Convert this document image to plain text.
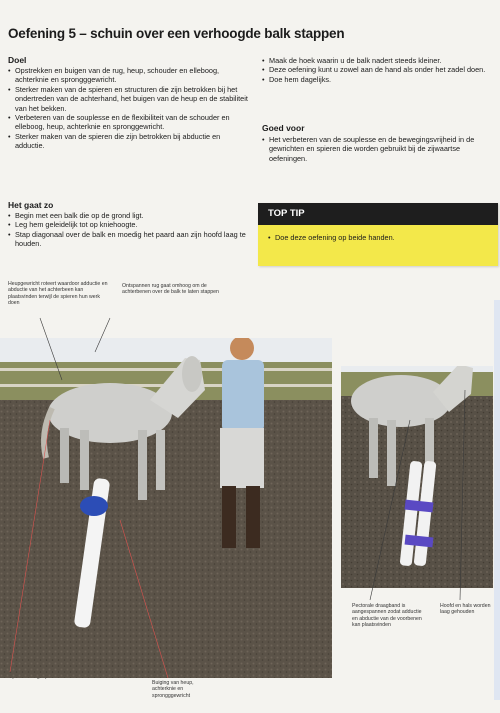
Oefening 5 – schuin over een verhoogde balk stappen
Doel
• Opstrekken en buigen van de rug, heup, schouder en elleboog, achterknie en sprongggewricht.
• Sterker maken van de spieren en structuren die zijn betrokken bij het ondertreden van de achterhand, het buigen van de heup en de stabiliteit van het bekken.
• Verbeteren van de souplesse en de flexibiliteit van de schouder en elleboog, heup, achterknie en spronggewricht.
• Sterker maken van de spieren die zijn betrokken bij abductie en adductie.
Het gaat zo
• Begin met een balk die op de grond ligt.
• Leg hem geleidelijk tot op kniehoogte.
• Stap diagonaal over de balk en moedig het paard aan zijn hoofd laag te houden.
• Maak de hoek waarin u de balk nadert steeds kleiner.
• Deze oefening kunt u zowel aan de hand als onder het zadel doen.
• Doe hem dagelijks.
Goed voor
• Het verbeteren van de souplesse en de bewegingsvrijheid in de gewrichten en spieren die worden gebruikt bij de zijwaartse oefeningen.
TOP TIP
• Doe deze oefening op beide handen.
Heupgewricht roteert waardoor adductie en abductie van het achterbeen kan plaatsvinden terwijl de spieren hun werk doen
Ontspannen rug gaat omhoog om de achterbenen over de balk te laten stappen
Pectorale draagband is aangespannen zodat adductie en abductie van de voorbenen kan plaatsvinden
Hoofd en hals worden laag gehouden
Buiging van heup, achterknie en sprongggewricht
